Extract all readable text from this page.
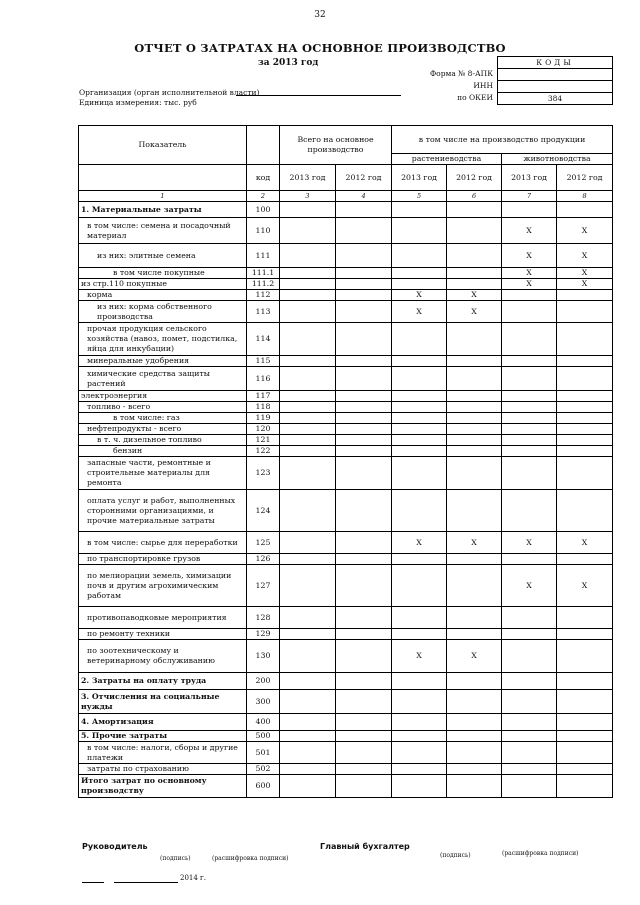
32
ОТЧЕТ О ЗАТРАТАХ НА ОСНОВНОЕ ПРОИЗВОДСТВО
за 2013 год	КОДЫ
384
Форма № 8-АПК
ИНН
по ОКЕИ
Организация (орган исполнительной власти)
Единица измерения: тыс. руб
Показатель		Всего на основное производство		в том числе на производство продукции			
				растениеводства		животноводства	
	код	2013 год	2012 год	2013 год	2012 год	2013 год	2012 год
1	2	3	4	5	6	7	8
1. Материальные затраты	100						
в том числе: семена и посадочный материал	110					X	X
из них: элитные семена	111					X	X
в том числе покупные	111.1					X	X
из стр.110 покупные	111.2					X	X
корма	112			X	X		
из них: корма собственного производства	113			X	X		
прочая продукция сельского хозяйства (навоз, помет, подстилка, яйца для инкубации)	114						
минеральные удобрения	115						
химические средства защиты растений	116						
электроэнергия	117						
топливо - всего	118						
в том числе: газ	119						
нефтепродукты - всего	120						
в т. ч. дизельное топливо	121						
бензин	122						
запасные части, ремонтные и строительные материалы для ремонта	123						
оплата услуг и работ, выполненных сторонними организациями, и прочие материальные затраты	124						
в том числе: сырье для переработки	125			X	X	X	X
по транспортировке грузов	126						
по мелиорации земель, химизации почв и другим агрохимическим работам	127					X	X
противопаводковые мероприятия	128						
по ремонту техники	129						
по зоотехническому и ветеринарному обслуживанию	130			X	X		
2. Затраты на оплату труда	200						
3. Отчисления на социальные нужды	300						
4. Амортизация	400						
5. Прочие затраты	500						
в том числе: налоги, сборы и другие платежи	501						
затраты по страхованию	502						
Итого затрат по основному производству	600						
Руководитель	Главный бухгалтер
(подпись)	(расшифровка подписи)	(подпись)	(расшифровка подписи)
2014 г.
